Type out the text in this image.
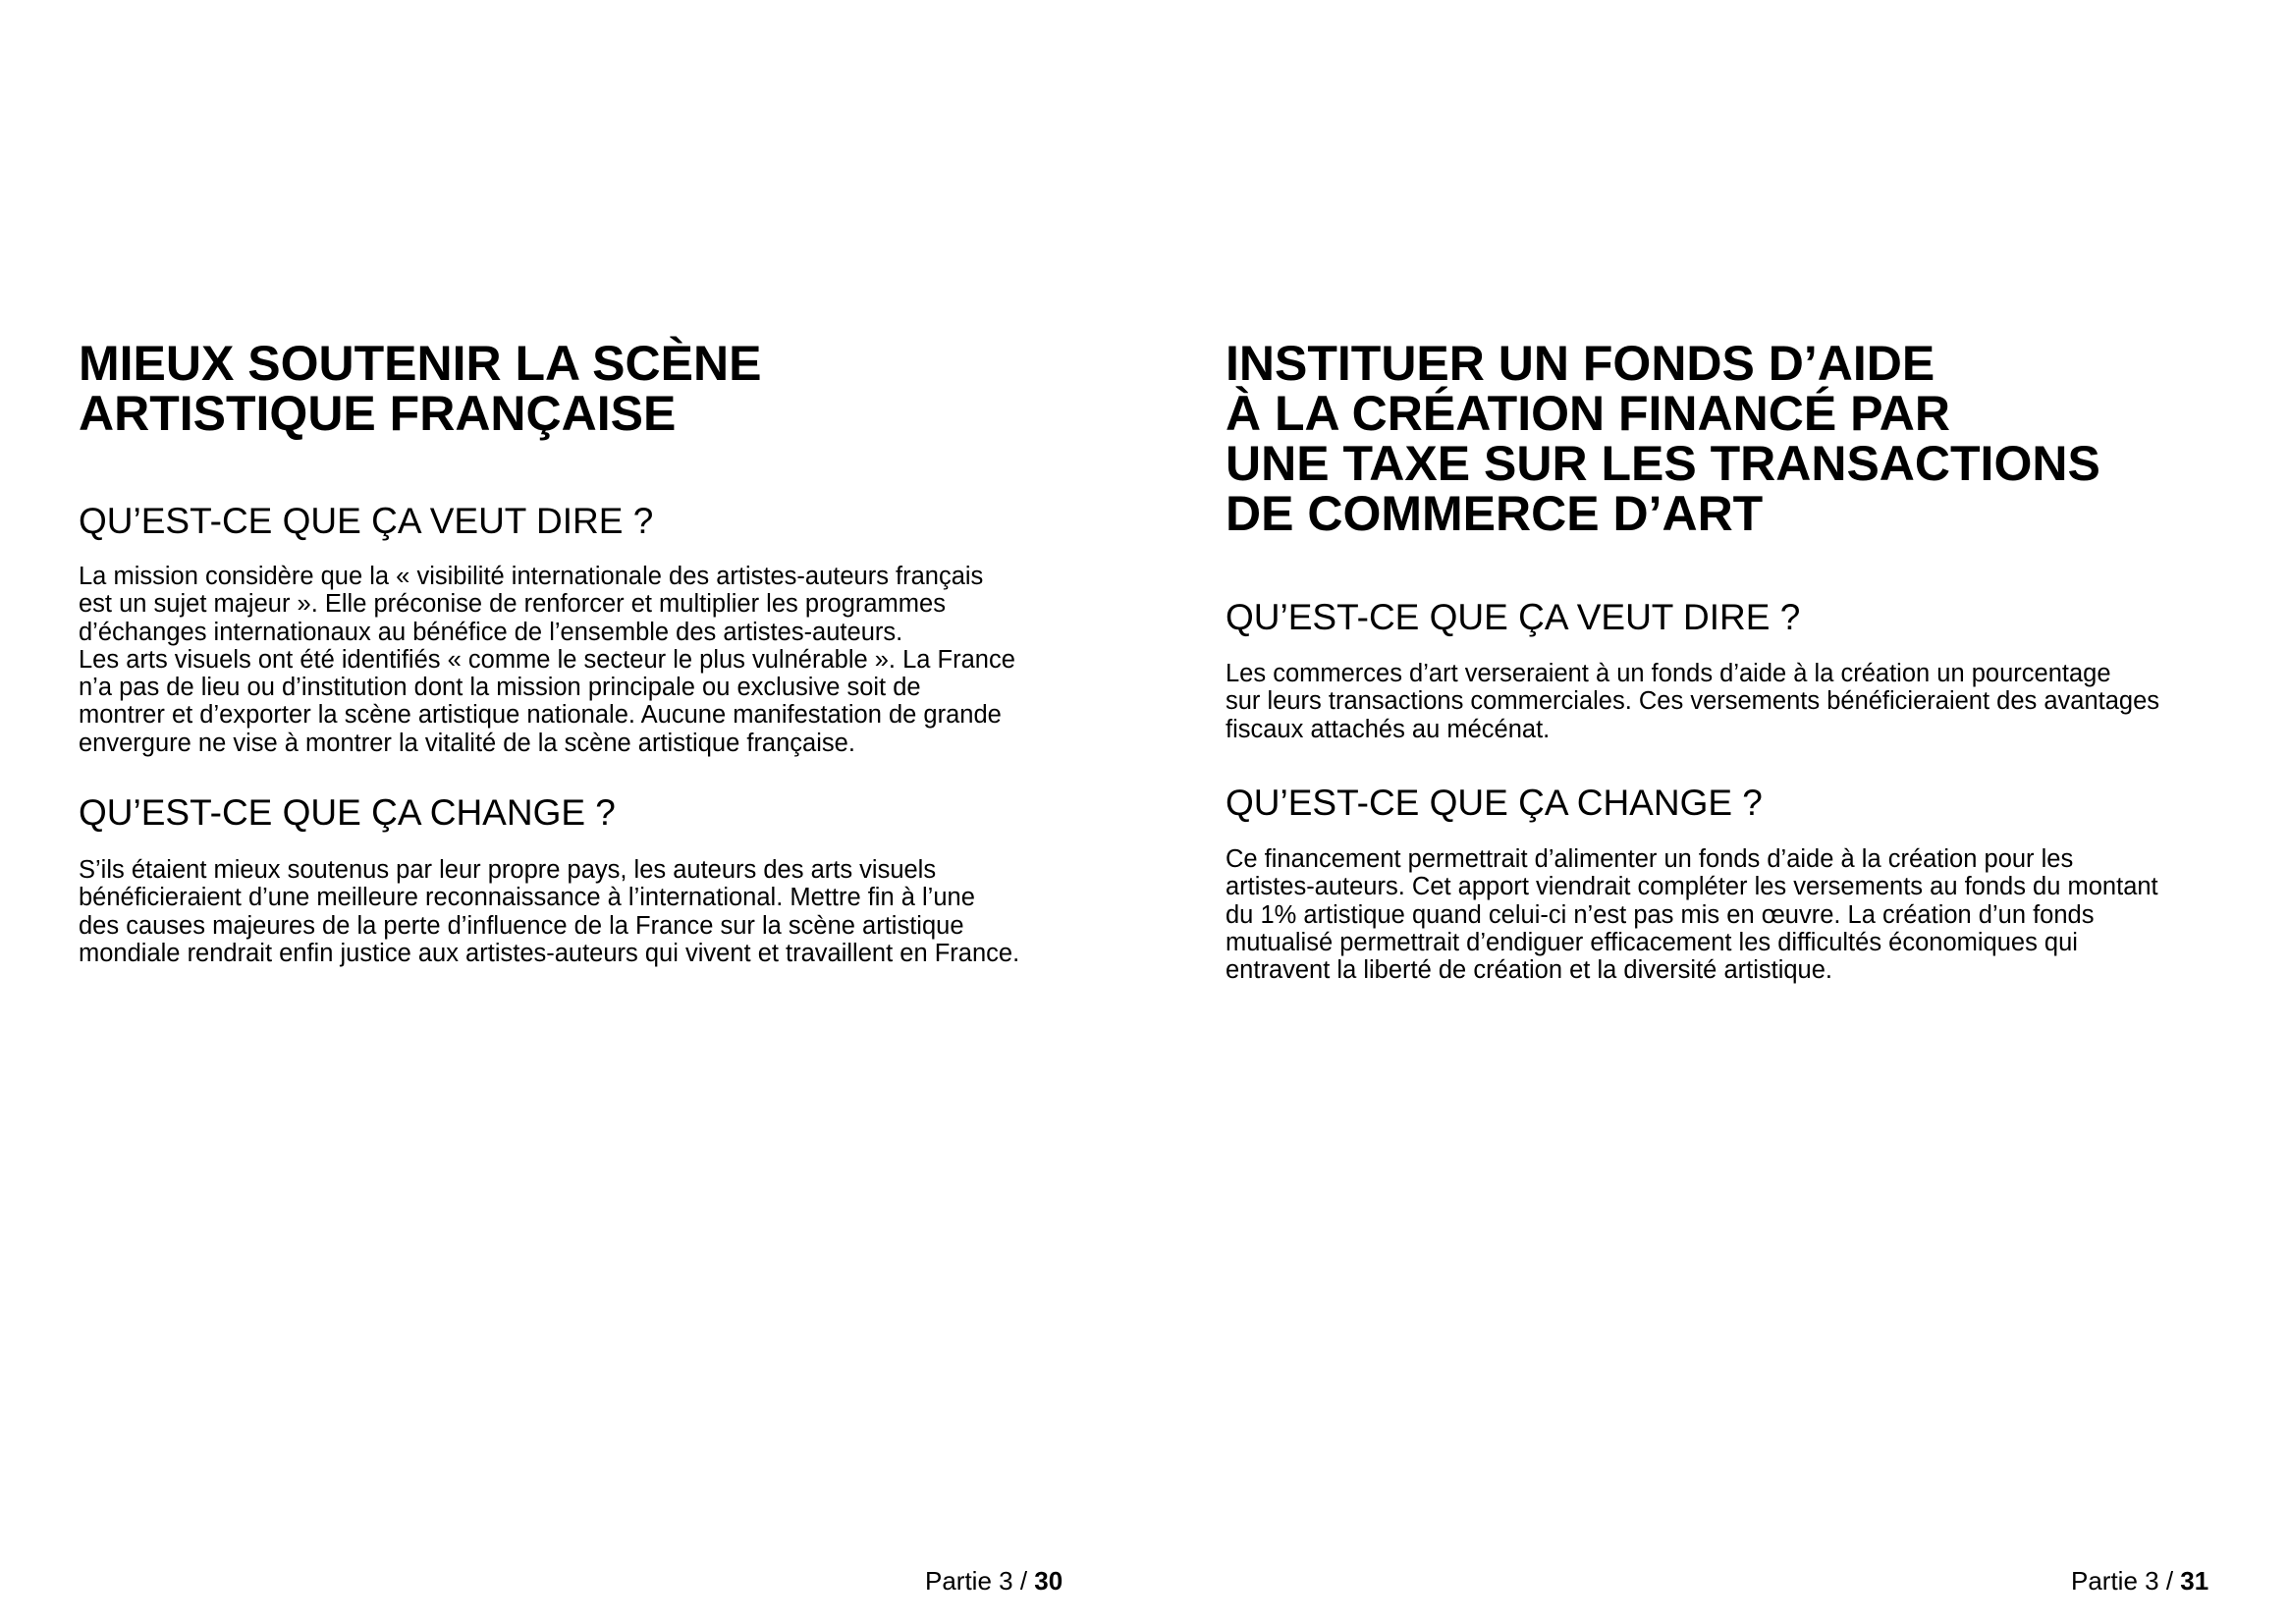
MIEUX SOUTENIR LA SCÈNE
ARTISTIQUE FRANÇAISE
QU’EST-CE QUE ÇA VEUT DIRE ?

La mission considère que la « visibilité internationale des artistes-auteurs français
est un sujet majeur ». Elle préconise de renforcer et multiplier les programmes
d’échanges internationaux au bénéfice de l’ensemble des artistes-auteurs.
Les arts visuels ont été identifiés « comme le secteur le plus vulnérable ». La France
n’a pas de lieu ou d’institution dont la mission principale ou exclusive soit de
montrer et d’exporter la scène artistique nationale. Aucune manifestation de grande
envergure ne vise à montrer la vitalité de la scène artistique française.

QU’EST-CE QUE ÇA CHANGE ?

S’ils étaient mieux soutenus par leur propre pays, les auteurs des arts visuels
bénéficieraient d’une meilleure reconnaissance à l’international. Mettre fin à l’une
des causes majeures de la perte d’influence de la France sur la scène artistique
mondiale rendrait enfin justice aux artistes-auteurs qui vivent et travaillent en France.

Partie 3 / 30
INSTITUER UN FONDS D’AIDE
À LA CRÉATION FINANCÉ PAR
UNE TAXE SUR LES TRANSACTIONS
DE COMMERCE D’ART
QU’EST-CE QUE ÇA VEUT DIRE ?

Les commerces d’art verseraient à un fonds d’aide à la création un pourcentage
sur leurs transactions commerciales. Ces versements bénéficieraient des avantages
fiscaux attachés au mécénat.

QU’EST-CE QUE ÇA CHANGE ?

Ce financement permettrait d’alimenter un fonds d’aide à la création pour les
artistes-auteurs. Cet apport viendrait compléter les versements au fonds du montant
du 1% artistique quand celui-ci n’est pas mis en œuvre. La création d’un fonds
mutualisé permettrait d’endiguer efficacement les difficultés économiques qui
entravent la liberté de création et la diversité artistique.

Partie 3 / 31
